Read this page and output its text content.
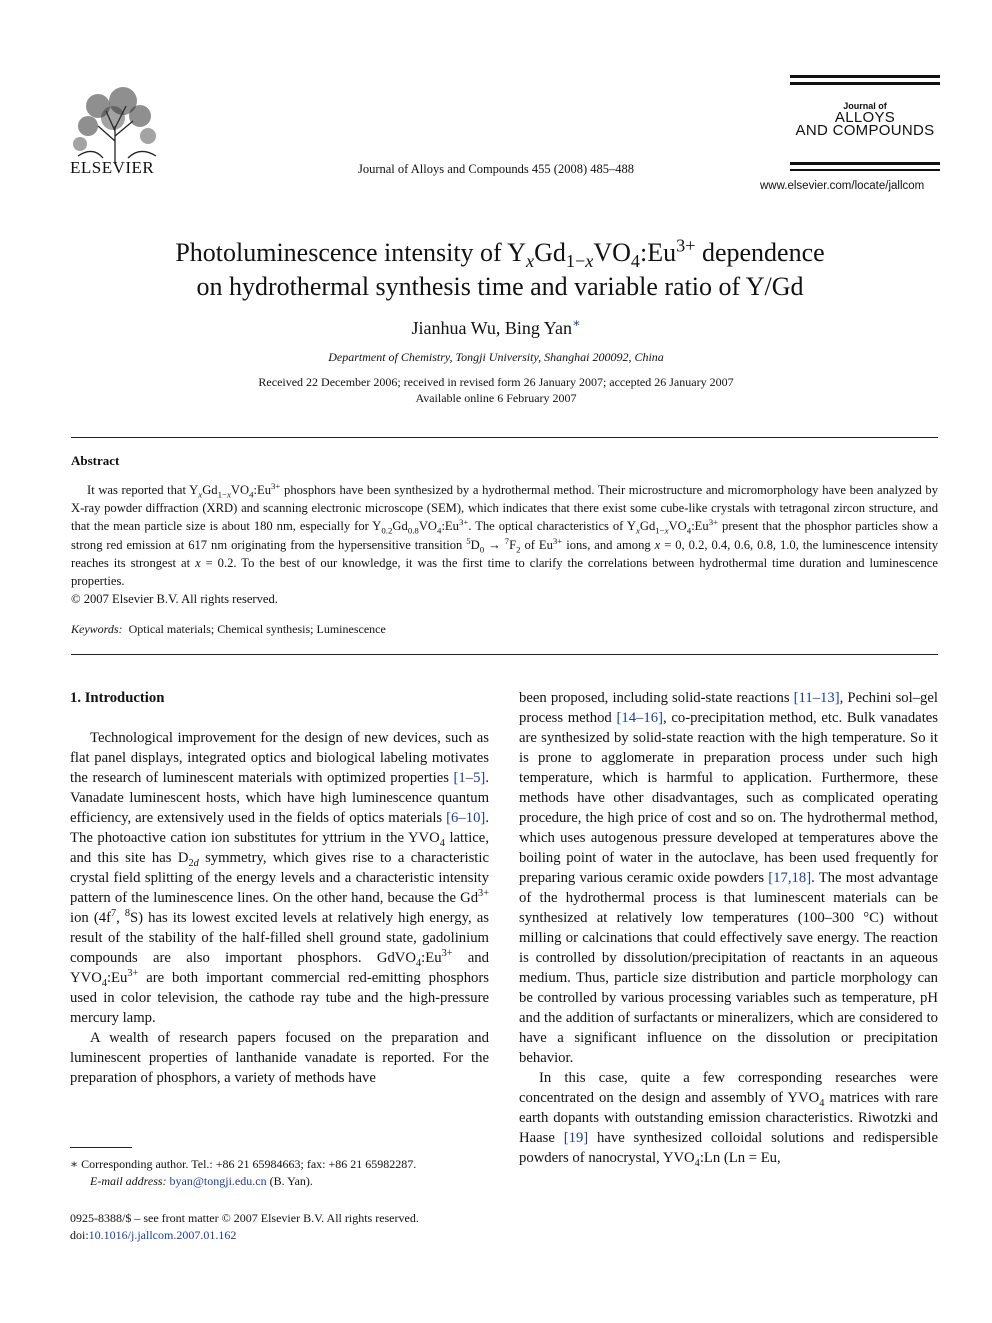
ELSEVIER	Journal of Alloys and Compounds 455 (2008) 485–488
Journal of
ALLOYS
AND COMPOUNDS
www.elsevier.com/locate/jallcom
Photoluminescence intensity of $Y_xGd_{1-x}VO_4:Eu^{3+}$ dependence
on hydrothermal synthesis time and variable ratio of Y/Gd
Jianhua Wu, Bing Yan∗
Department of Chemistry, Tongji University, Shanghai 200092, China
Received 22 December 2006; received in revised form 26 January 2007; accepted 26 January 2007
Available online 6 February 2007
Abstract

It was reported that $Y_xGd_{1-x}VO_4:Eu^{3+}$ phosphors have been synthesized by a hydrothermal method. Their microstructure and micromorphology have been analyzed by X-ray powder diffraction (XRD) and scanning electronic microscope (SEM), which indicates that there exist some cube-like crystals with tetragonal zircon structure, and that the mean particle size is about 180 nm, especially for $Y_{0.2}Gd_{0.8}VO_4:Eu^{3+}$. The optical characteristics of $Y_xGd_{1-x}VO_4:Eu^{3+}$ present that the phosphor particles show a strong red emission at 617 nm originating from the hypersensitive transition $^5D_0 \to ^7F_2$ of $Eu^{3+}$ ions, and among x = 0, 0.2, 0.4, 0.6, 0.8, 1.0, the luminescence intensity reaches its strongest at x = 0.2. To the best of our knowledge, it was the first time to clarify the correlations between hydrothermal time duration and luminescence properties.

© 2007 Elsevier B.V. All rights reserved.
Keywords: Optical materials; Chemical synthesis; Luminescence

1. Introduction

Technological improvement for the design of new devices, such as flat panel displays, integrated optics and biological labeling motivates the research of luminescent materials with optimized properties [1–5]. Vanadate luminescent hosts, which have high luminescence quantum efficiency, are extensively used in the fields of optics materials [6–10]. The photoactive cation ion substitutes for yttrium in the $YVO_4$ lattice, and this site has $D_{2d}$ symmetry, which gives rise to a characteristic crystal field splitting of the energy levels and a characteristic intensity pattern of the luminescence lines. On the other hand, because the $Gd^{3+}$ ion ($4f^7$, $^8$S) has its lowest excited levels at relatively high energy, as result of the stability of the half-filled shell ground state, gadolinium compounds are also important phosphors. $GdVO_4:Eu^{3+}$ and $YVO_4:Eu^{3+}$ are both important commercial red-emitting phosphors used in color television, the cathode ray tube and the high-pressure mercury lamp.

A wealth of research papers focused on the preparation and luminescent properties of lanthanide vanadate is reported. For the preparation of phosphors, a variety of methods have

been proposed, including solid-state reactions [11–13], Pechini sol–gel process method [14–16], co-precipitation method, etc. Bulk vanadates are synthesized by solid-state reaction with the high temperature. So it is prone to agglomerate in preparation process under such high temperature, which is harmful to application. Furthermore, these methods have other disadvantages, such as complicated operating procedure, the high price of cost and so on. The hydrothermal method, which uses autogenous pressure developed at temperatures above the boiling point of water in the autoclave, has been used frequently for preparing various ceramic oxide powders [17,18]. The most advantage of the hydrothermal process is that luminescent materials can be synthesized at relatively low temperatures (100–300 °C) without milling or calcinations that could effectively save energy. The reaction is controlled by dissolution/precipitation of reactants in an aqueous medium. Thus, particle size distribution and particle morphology can be controlled by various processing variables such as temperature, pH and the addition of surfactants or mineralizers, which are considered to have a significant influence on the dissolution or precipitation behavior.

In this case, quite a few corresponding researches were concentrated on the design and assembly of $YVO_4$ matrices with rare earth dopants with outstanding emission characteristics. Riwotzki and Haase [19] have synthesized colloidal solutions and redispersible powders of nanocrystal, $YVO_4:Ln$ (Ln = Eu,

∗ Corresponding author. Tel.: +86 21 65984663; fax: +86 21 65982287.
E-mail address: byan@tongji.edu.cn (B. Yan).
0925-8388/$ – see front matter © 2007 Elsevier B.V. All rights reserved.
doi:10.1016/j.jallcom.2007.01.162
